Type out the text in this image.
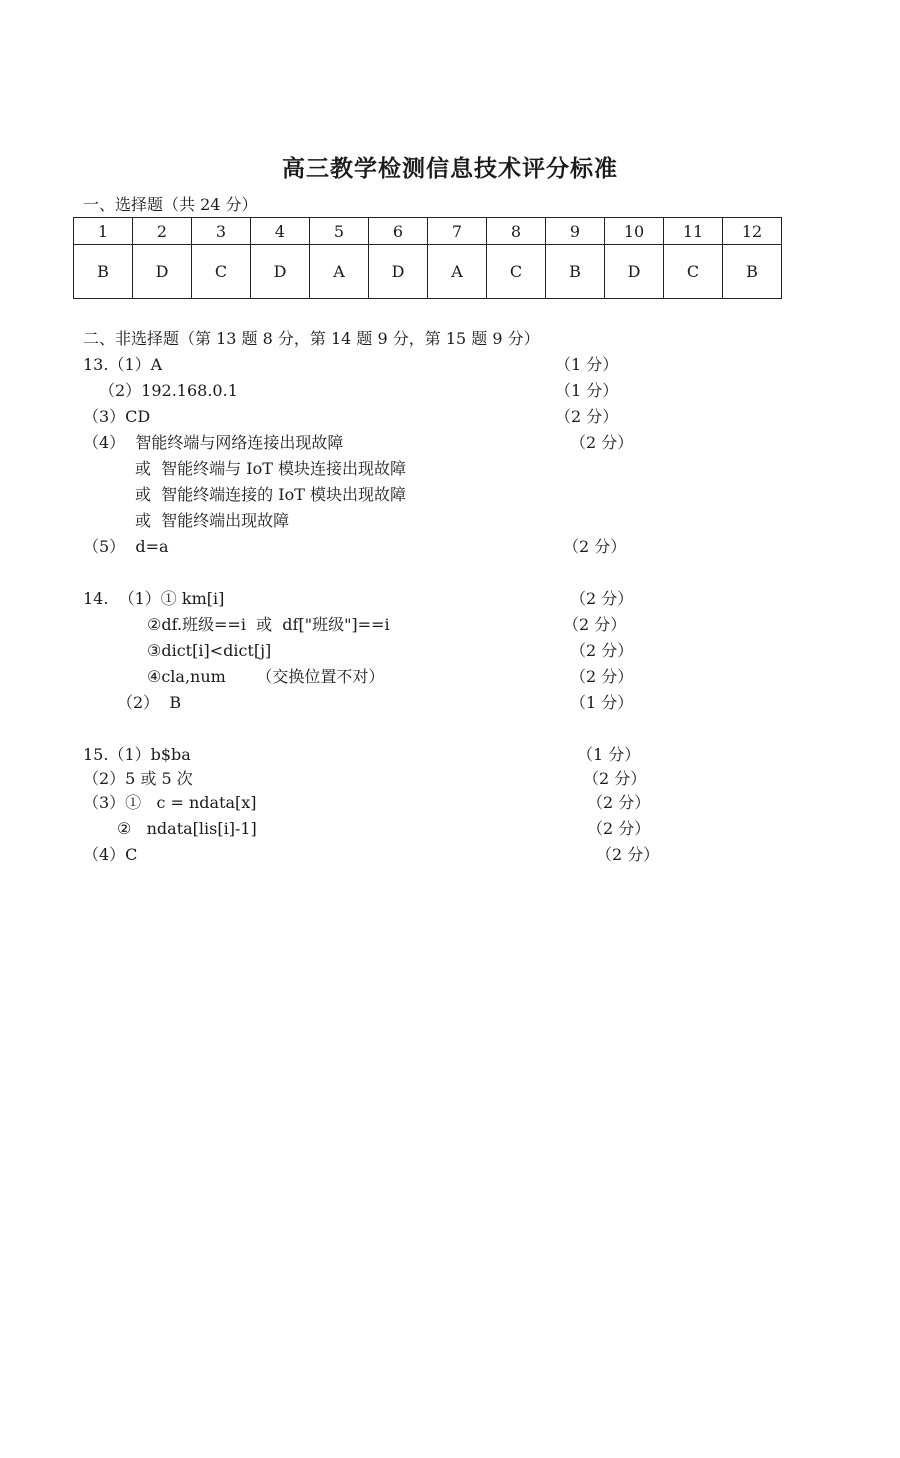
高三教学检测信息技术评分标准
一、选择题（共 24 分）
1	2	3	4	5	6	7	8	9	10	11	12
B	D	C	D	A	D	A	C	B	D	C	B
二、非选择题（第 13 题 8 分，第 14 题 9 分，第 15 题 9 分）
13.（1）A	（1 分）
（2）192.168.0.1	（1 分）
（3）CD	（2 分）
（4）  智能终端与网络连接出现故障	（2 分）
或  智能终端与 IoT 模块连接出现故障
或  智能终端连接的 IoT 模块出现故障
或  智能终端出现故障
（5）  d=a	（2 分）
14.  （1）① km[i]	（2 分）
②df.班级==i  或  df["班级"]==i	（2 分）
③dict[i]<dict[j]	（2 分）
④cla,num      （交换位置不对）	（2 分）
（2）  B	（1 分）
15.（1）b$ba	（1 分）
（2）5 或 5 次	（2 分）
（3）①   c = ndata[x]	（2 分）
②   ndata[lis[i]-1]	（2 分）
（4）C	（2 分）
